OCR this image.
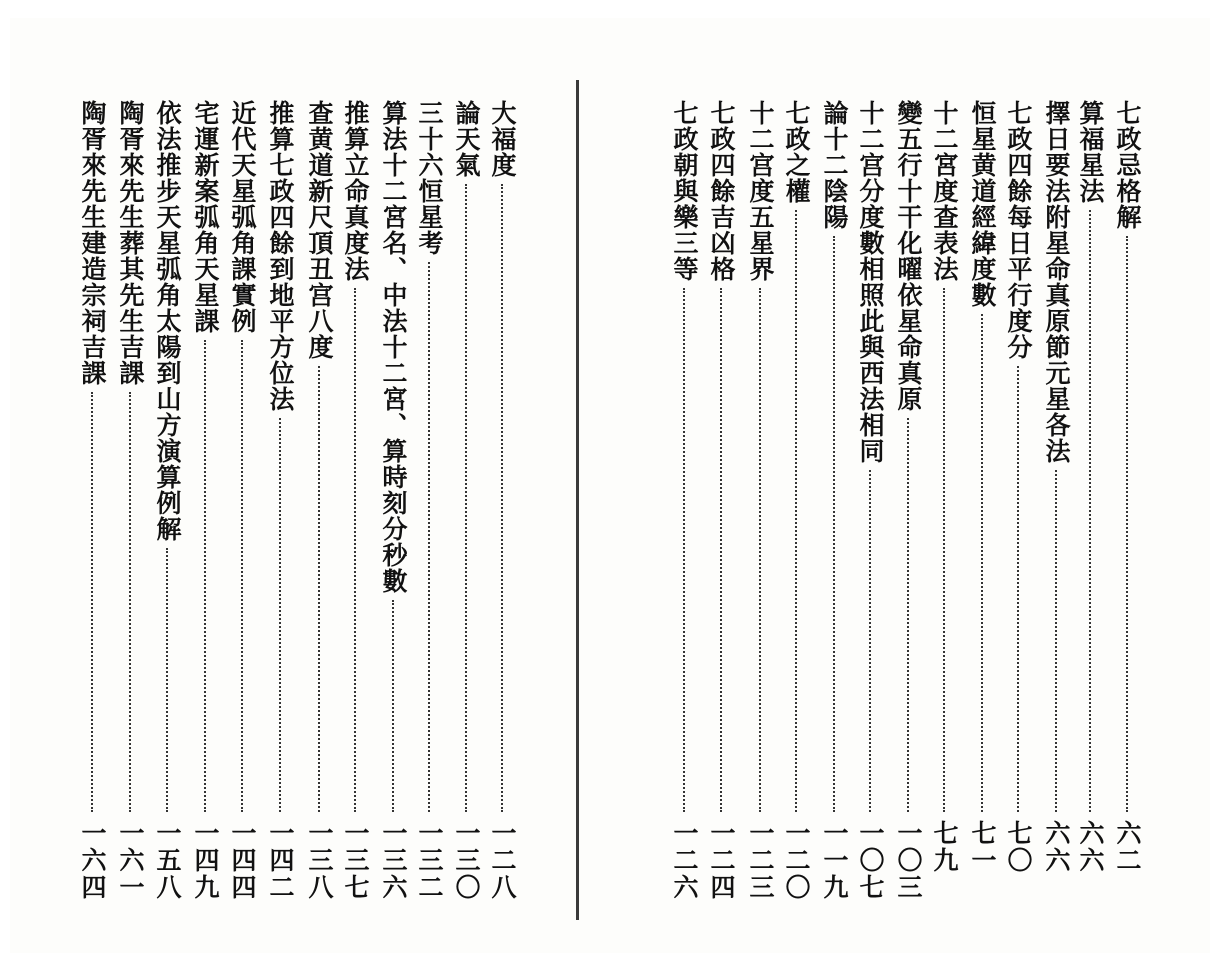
大福度
一二八
論天氣
一三〇
三十六恒星考
一三二
算法十二宮名、中法十二宮、算時刻分秒數
一三六
推算立命真度法
一三七
查黄道新尺頂丑宫八度
一三八
推算七政四餘到地平方位法
一四二
近代天星弧角課實例
一四四
宅運新案弧角天星課
一四九
依法推步天星弧角太陽到山方演算例解
一五八
陶胥來先生葬其先生吉課
一六一
陶胥來先生建造宗祠吉課
一六四
七政忌格解
六二
算福星法
六六
擇日要法附星命真原節元星各法
六六
七政四餘每日平行度分
七〇
恒星黄道經緯度數
七一
十二宮度查表法
七九
變五行十干化曜依星命真原
一〇三
十二宫分度數相照此與西法相同
一〇七
論十二陰陽
一一九
七政之權
一二〇
十二宫度五星界
一二三
七政四餘吉凶格
一二四
七政朝與樂三等
一二六
